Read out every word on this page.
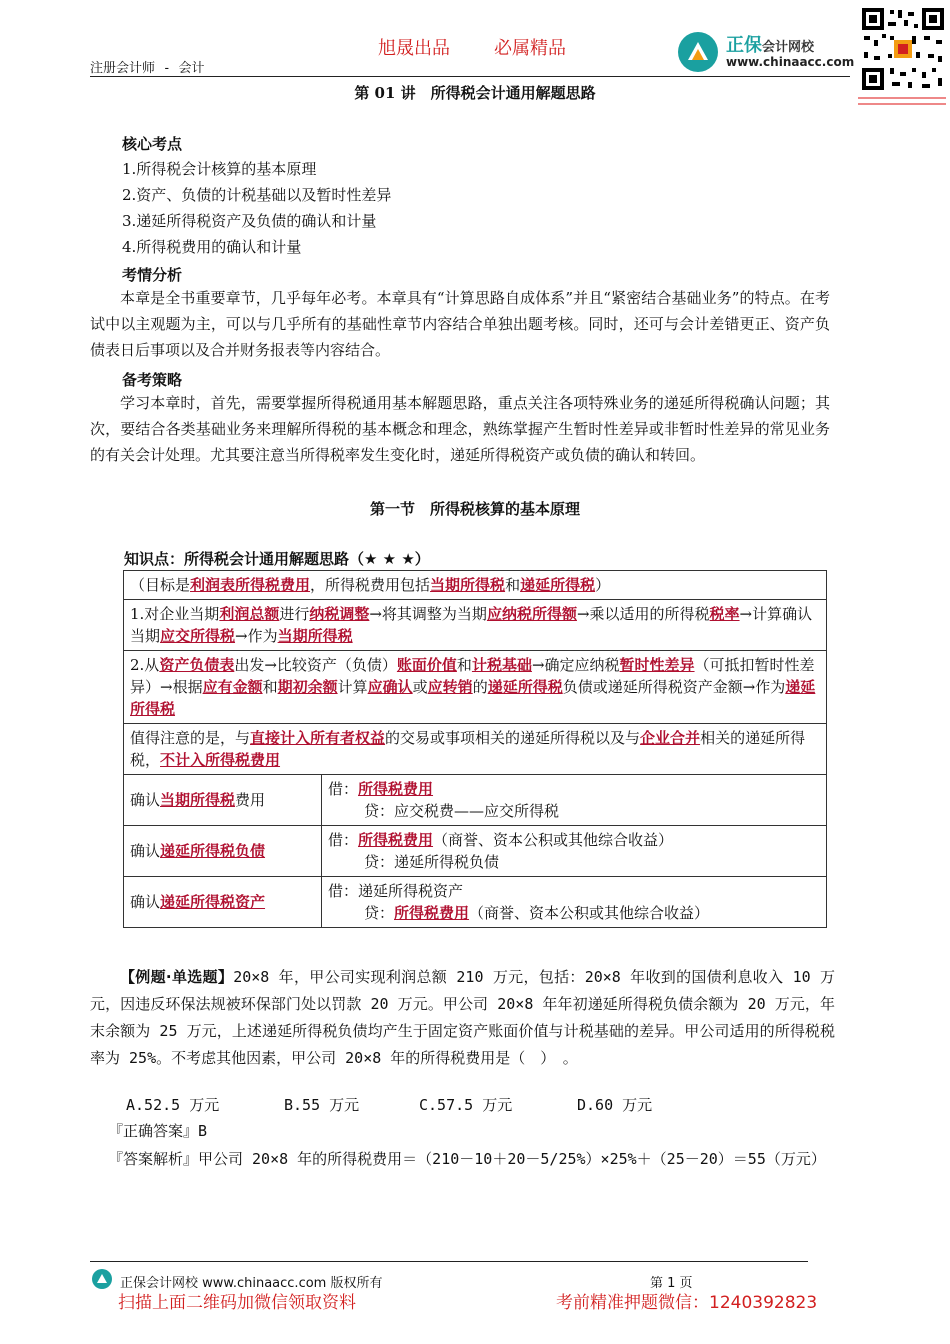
旭晟出品 必属精品
注册会计师 - 会计
正保会计网校
www.chinaacc.com
第 01 讲　所得税会计通用解题思路
核心考点
1.所得税会计核算的基本原理
2.资产、负债的计税基础以及暂时性差异
3.递延所得税资产及负债的确认和计量
4.所得税费用的确认和计量
考情分析
本章是全书重要章节，几乎每年必考。本章具有“计算思路自成体系”并且“紧密结合基础业务”的特点。在考试中以主观题为主，可以与几乎所有的基础性章节内容结合单独出题考核。同时，还可与会计差错更正、资产负债表日后事项以及合并财务报表等内容结合。
备考策略
学习本章时，首先，需要掌握所得税通用基本解题思路，重点关注各项特殊业务的递延所得税确认问题；其次，要结合各类基础业务来理解所得税的基本概念和理念，熟练掌握产生暂时性差异或非暂时性差异的常见业务的有关会计处理。尤其要注意当所得税率发生变化时，递延所得税资产或负债的确认和转回。
第一节　所得税核算的基本原理
知识点：所得税会计通用解题思路（★ ★ ★）
（目标是利润表所得税费用，所得税费用包括当期所得税和递延所得税）	
1.对企业当期利润总额进行纳税调整→将其调整为当期应纳税所得额→乘以适用的所得税税率→计算确认当期应交所得税→作为当期所得税	
2.从资产负债表出发→比较资产（负债）账面价值和计税基础→确定应纳税暂时性差异（可抵扣暂时性差异）→根据应有金额和期初余额计算应确认或应转销的递延所得税负债或递延所得税资产金额→作为递延所得税	
值得注意的是，与直接计入所有者权益的交易或事项相关的递延所得税以及与企业合并相关的递延所得税，不计入所得税费用	
确认当期所得税费用	借：所得税费用
贷：应交税费——应交所得税

确认递延所得税负债	借：所得税费用（商誉、资本公积或其他综合收益）
贷：递延所得税负债

确认递延所得税资产	借：递延所得税资产
贷：所得税费用（商誉、资本公积或其他综合收益）
【例题·单选题】20×8 年，甲公司实现利润总额 210 万元，包括：20×8 年收到的国债利息收入 10 万元，因违反环保法规被环保部门处以罚款 20 万元。甲公司 20×8 年年初递延所得税负债余额为 20 万元，年末余额为 25 万元，上述递延所得税负债均产生于固定资产账面价值与计税基础的差异。甲公司适用的所得税税率为 25%。不考虑其他因素，甲公司 20×8 年的所得税费用是（　）　。
A.52.5 万元	B.55 万元	C.57.5 万元	D.60 万元
『正确答案』B
『答案解析』甲公司 20×8 年的所得税费用＝（210－10＋20－5/25%）×25%＋（25－20）＝55（万元）
正保会计网校 www.chinaacc.com 版权所有	第 1 页
扫描上面二维码加微信领取资料	考前精准押题微信：1240392823
